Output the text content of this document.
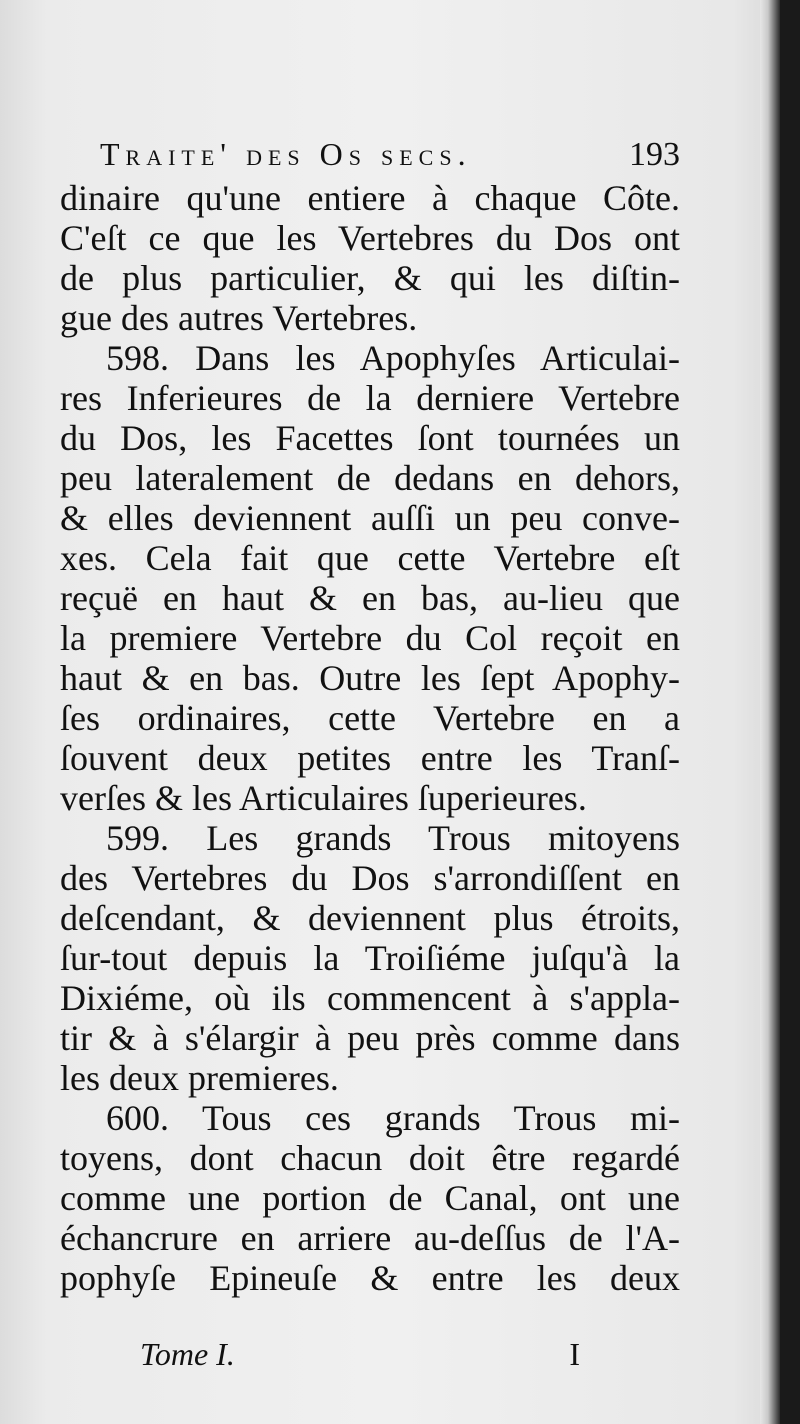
Traite' des Os secs.	193
dinaire qu'une entiere à chaque Côte.
C'eſt ce que les Vertebres du Dos ont
de plus particulier, & qui les diſtin-
gue des autres Vertebres.
598. Dans les Apophyſes Articulai-
res Inferieures de la derniere Vertebre
du Dos, les Facettes ſont tournées un
peu lateralement de dedans en dehors,
& elles deviennent auſſi un peu conve-
xes. Cela fait que cette Vertebre eſt
reçuë en haut & en bas, au-lieu que
la premiere Vertebre du Col reçoit en
haut & en bas. Outre les ſept Apophy-
ſes ordinaires, cette Vertebre en a
ſouvent deux petites entre les Tranſ-
verſes & les Articulaires ſuperieures.
599. Les grands Trous mitoyens
des Vertebres du Dos s'arrondiſſent en
deſcendant, & deviennent plus étroits,
ſur-tout depuis la Troiſiéme juſqu'à la
Dixiéme, où ils commencent à s'appla-
tir & à s'élargir à peu près comme dans
les deux premieres.
600. Tous ces grands Trous mi-
toyens, dont chacun doit être regardé
comme une portion de Canal, ont une
échancrure en arriere au-deſſus de l'A-
pophyſe Epineuſe & entre les deux
Tome I.	I
